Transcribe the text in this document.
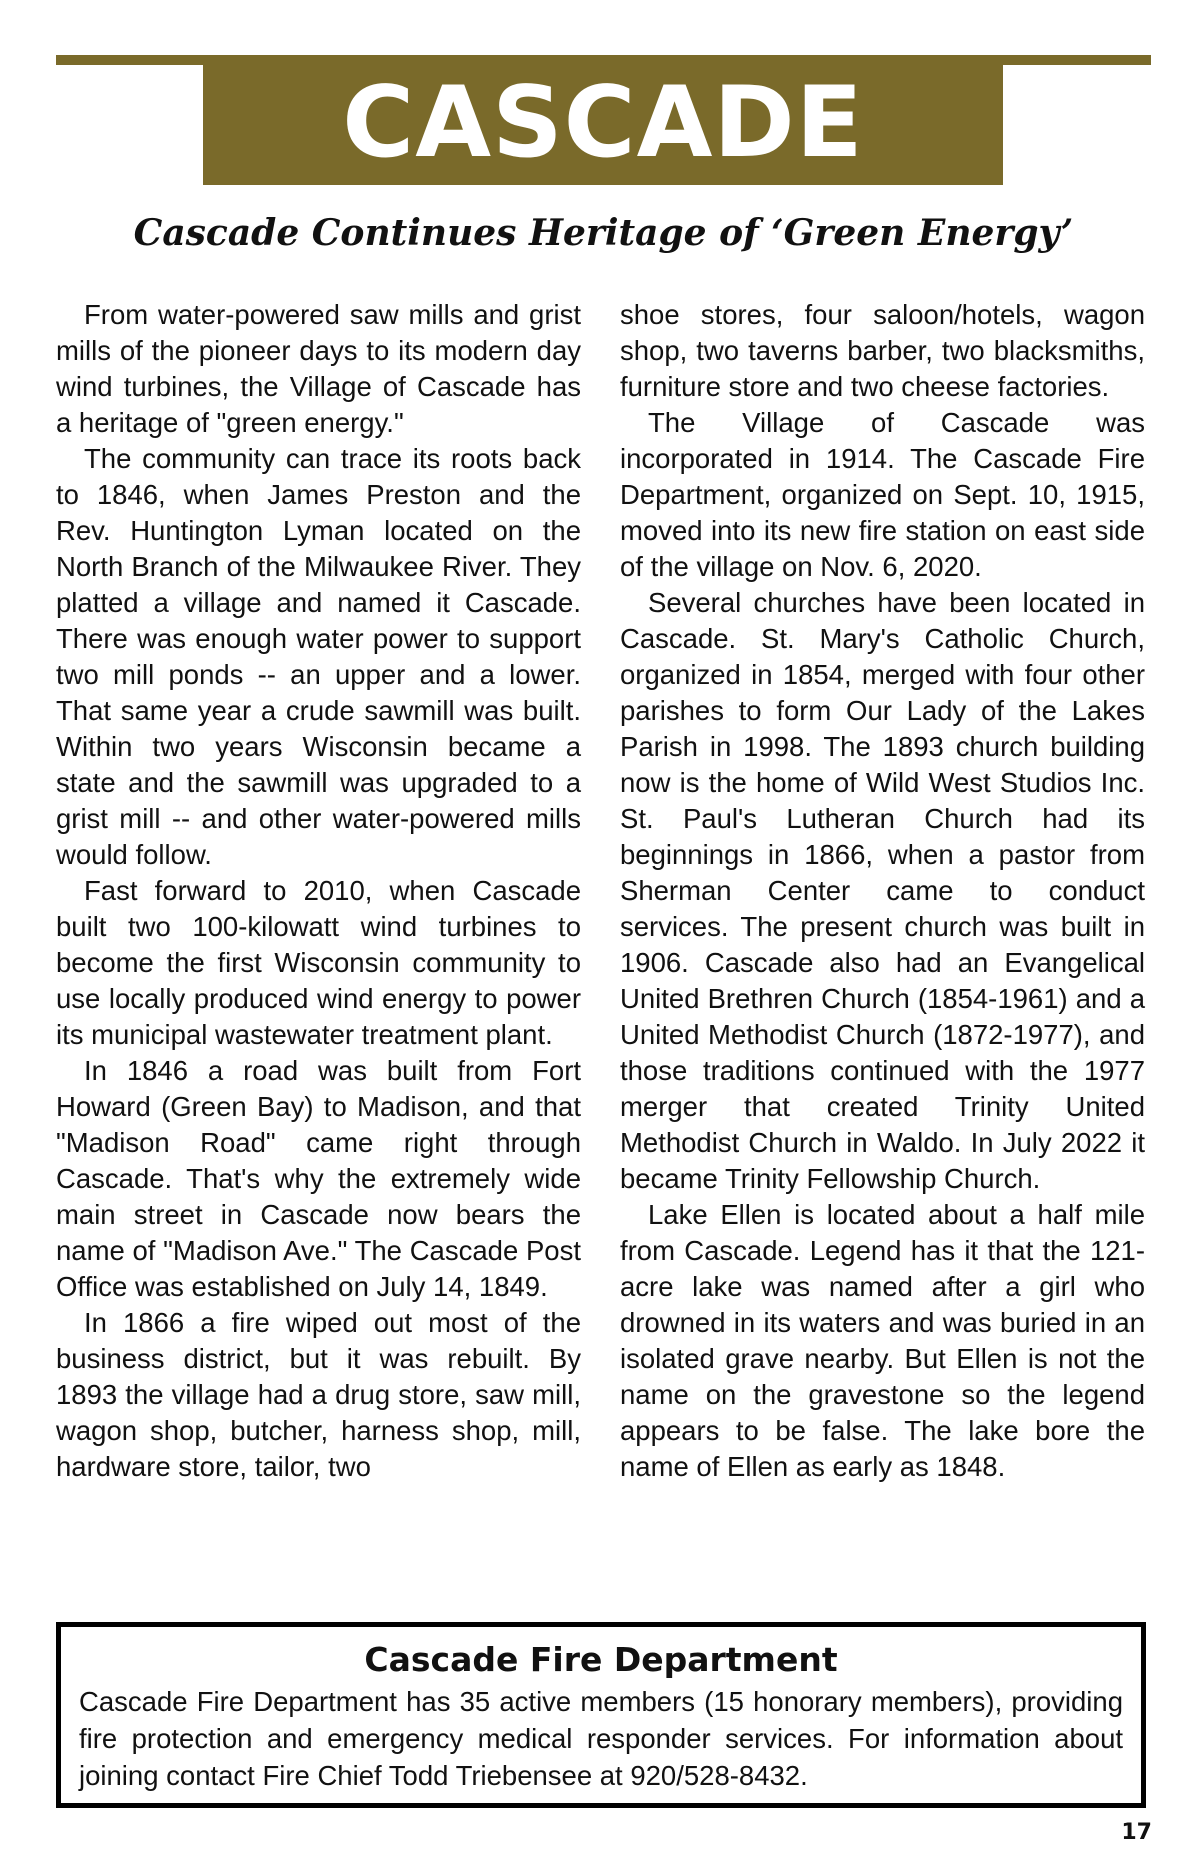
CASCADE
Cascade Continues Heritage of ‘Green Energy’

From water-powered saw mills and grist mills of the pioneer days to its modern day wind turbines, the Village of Cascade has a heritage of "green energy."

The community can trace its roots back to 1846, when James Preston and the Rev. Huntington Lyman located on the North Branch of the Milwaukee River. They platted a village and named it Cascade. There was enough water power to support two mill ponds -- an upper and a lower. That same year a crude sawmill was built. Within two years Wisconsin became a state and the sawmill was upgraded to a grist mill -- and other water-powered mills would follow.

Fast forward to 2010, when Cascade built two 100-kilowatt wind turbines to become the first Wisconsin community to use locally produced wind energy to power its municipal wastewater treatment plant.

In 1846 a road was built from Fort Howard (Green Bay) to Madison, and that "Madison Road" came right through Cascade. That's why the extremely wide main street in Cascade now bears the name of "Madison Ave." The Cascade Post Office was established on July 14, 1849.

In 1866 a fire wiped out most of the business district, but it was rebuilt. By 1893 the village had a drug store, saw mill, wagon shop, butcher, harness shop, mill, hardware store, tailor, two

shoe stores, four saloon/hotels, wagon shop, two taverns barber, two blacksmiths, furniture store and two cheese factories.

The Village of Cascade was incorporated in 1914. The Cascade Fire Department, organized on Sept. 10, 1915, moved into its new fire station on east side of the village on Nov. 6, 2020.

Several churches have been located in Cascade. St. Mary's Catholic Church, organized in 1854, merged with four other parishes to form Our Lady of the Lakes Parish in 1998. The 1893 church building now is the home of Wild West Studios Inc. St. Paul's Lutheran Church had its beginnings in 1866, when a pastor from Sherman Center came to conduct services. The present church was built in 1906. Cascade also had an Evangelical United Brethren Church (1854-1961) and a United Methodist Church (1872-1977), and those traditions continued with the 1977 merger that created Trinity United Methodist Church in Waldo. In July 2022 it became Trinity Fellowship Church.

Lake Ellen is located about a half mile from Cascade. Legend has it that the 121-acre lake was named after a girl who drowned in its waters and was buried in an isolated grave nearby. But Ellen is not the name on the gravestone so the legend appears to be false. The lake bore the name of Ellen as early as 1848.

Cascade Fire Department
Cascade Fire Department has 35 active members (15 honorary members), providing fire protection and emergency medical responder services. For information about joining contact Fire Chief Todd Triebensee at 920/528-8432.
17
